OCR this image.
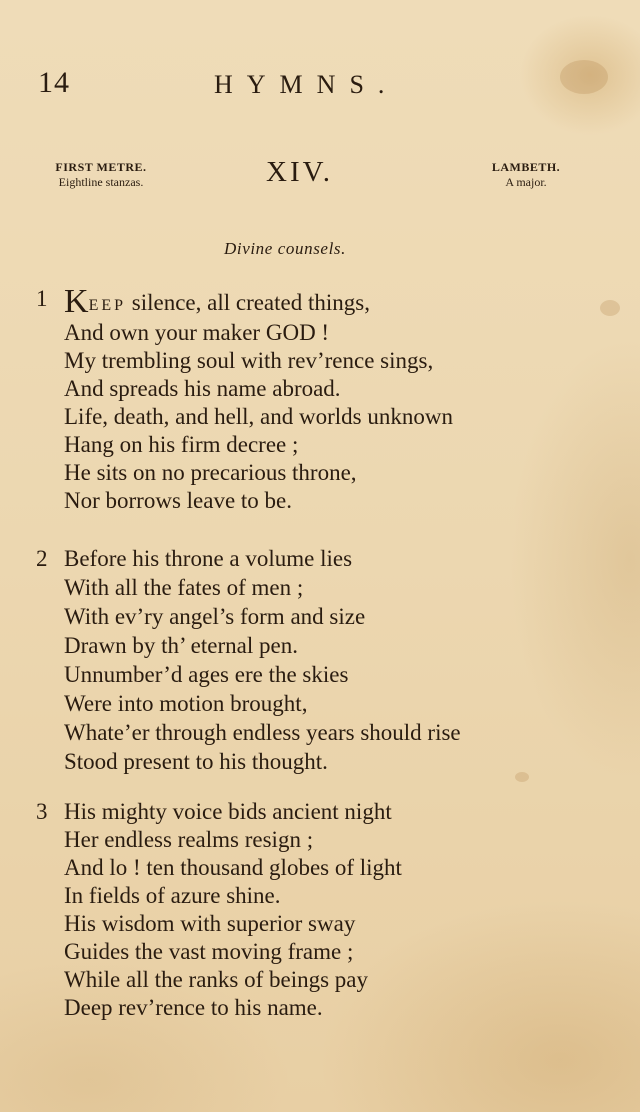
14	HYMNS.
FIRST METRE.
Eightline stanzas.	XIV.	LAMBETH.
A major.
Divine counsels.
1 KEEP silence, all created things,
And own your maker GOD !
My trembling soul with rev’rence sings,
And spreads his name abroad.
Life, death, and hell, and worlds unknown
Hang on his firm decree ;
He sits on no precarious throne,
Nor borrows leave to be.
2 Before his throne a volume lies
With all the fates of men ;
With ev’ry angel’s form and size
Drawn by th’ eternal pen.
Unnumber’d ages ere the skies
Were into motion brought,
Whate’er through endless years should rise
Stood present to his thought.
3 His mighty voice bids ancient night
Her endless realms resign ;
And lo ! ten thousand globes of light
In fields of azure shine.
His wisdom with superior sway
Guides the vast moving frame ;
While all the ranks of beings pay
Deep rev’rence to his name.
